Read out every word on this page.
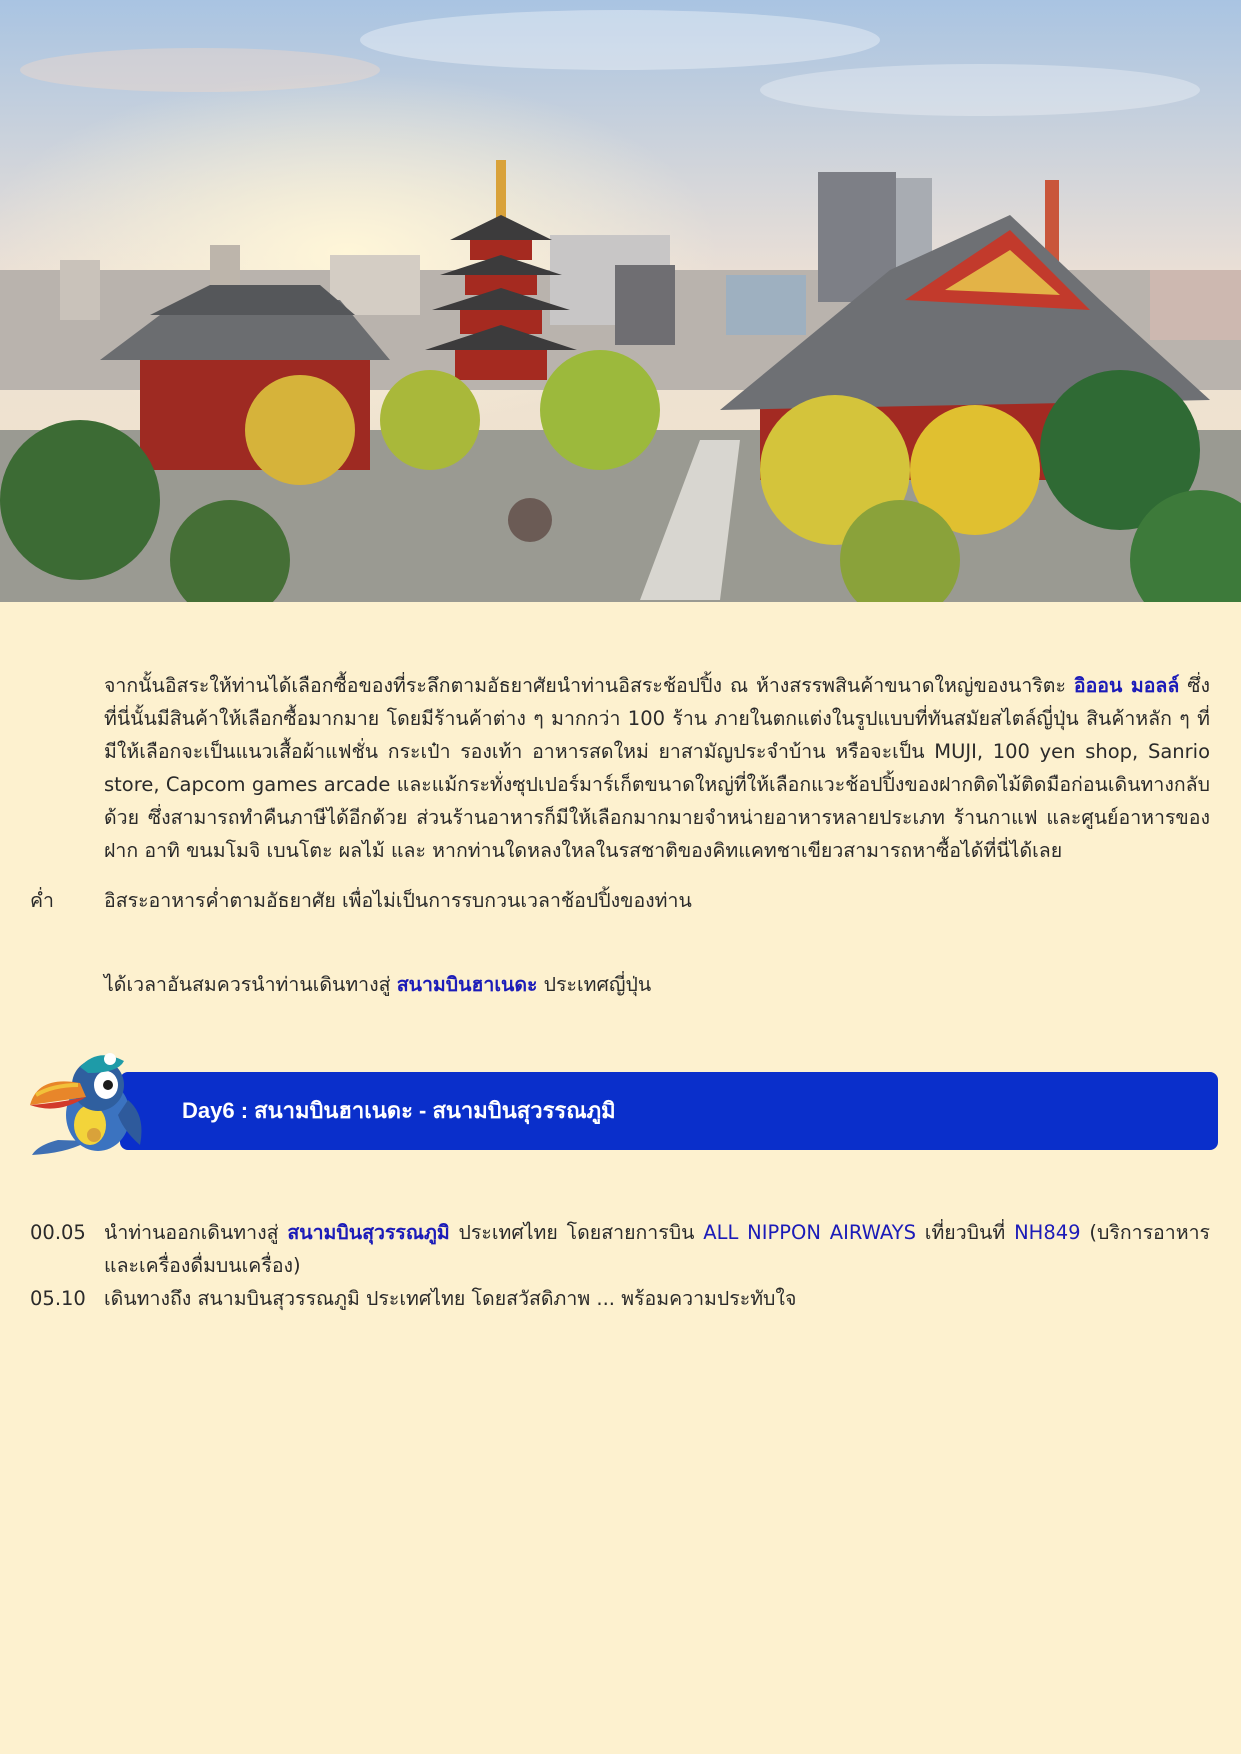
จากนั้นอิสระให้ท่านได้เลือกซื้อของที่ระลึกตามอัธยาศัยนำท่านอิสระช้อปปิ้ง ณ ห้างสรรพสินค้าขนาดใหญ่ของนาริตะ อิออน มอลล์ ซึ่งที่นี่นั้นมีสินค้าให้เลือกซื้อมากมาย โดยมีร้านค้าต่าง ๆ มากกว่า 100 ร้าน ภายในตกแต่งในรูปแบบที่ทันสมัยสไตล์ญี่ปุ่น สินค้าหลัก ๆ ที่มีให้เลือกจะเป็นแนวเสื้อผ้าแฟชั่น กระเป๋า รองเท้า อาหารสดใหม่ ยาสามัญประจำบ้าน หรือจะเป็น MUJI, 100 yen shop, Sanrio store, Capcom games arcade และแม้กระทั่งซุปเปอร์มาร์เก็ตขนาดใหญ่ที่ให้เลือกแวะช้อปปิ้งของฝากติดไม้ติดมือก่อนเดินทางกลับด้วย ซึ่งสามารถทำคืนภาษีได้อีกด้วย ส่วนร้านอาหารก็มีให้เลือกมากมายจำหน่ายอาหารหลายประเภท ร้านกาแฟ และศูนย์อาหารของฝาก อาทิ ขนมโมจิ เบนโตะ ผลไม้ และ หากท่านใดหลงใหลในรสชาติของคิทแคทชาเขียวสามารถหาซื้อได้ที่นี่ได้เลย
ค่ำ	อิสระอาหารค่ำตามอัธยาศัย เพื่อไม่เป็นการรบกวนเวลาช้อปปิ้งของท่าน
ได้เวลาอันสมควรนำท่านเดินทางสู่ สนามบินฮาเนดะ ประเทศญี่ปุ่น
Day6 : สนามบินฮาเนดะ - สนามบินสุวรรณภูมิ
00.05 นำท่านออกเดินทางสู่ สนามบินสุวรรณภูมิ ประเทศไทย โดยสายการบิน ALL NIPPON AIRWAYS เที่ยวบินที่ NH849 (บริการอาหารและเครื่องดื่มบนเครื่อง)
05.10 เดินทางถึง สนามบินสุวรรณภูมิ ประเทศไทย โดยสวัสดิภาพ ... พร้อมความประทับใจ
